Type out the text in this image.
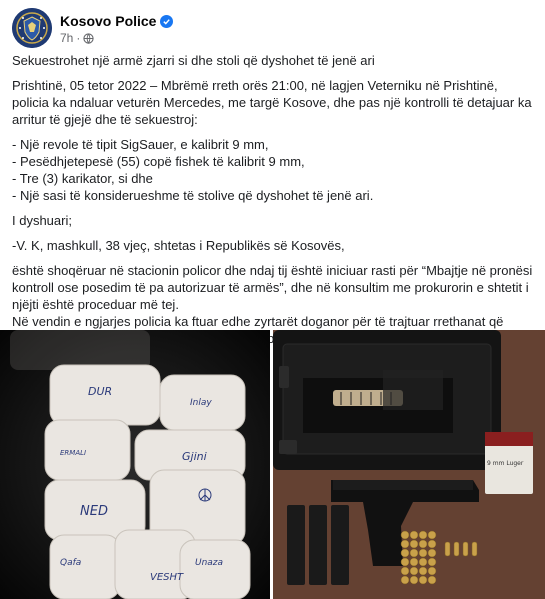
Kosovo Police
7h ·

Sekuestrohet një armë zjarri si dhe stoli që dyshohet të jenë ari

Prishtinë, 05 tetor 2022 – Mbrëmë rreth orës 21:00, në lagjen Veterniku në Prishtinë, policia ka ndaluar veturën Mercedes, me targë Kosove, dhe pas një kontrolli të detajuar ka arritur të gjejë dhe të sekuestroj:

- Një revole të tipit SigSauer, e kalibrit 9 mm,

- Pesëdhjetepesë (55) copë fishek të kalibrit 9 mm,

- Tre (3) karikator, si dhe

- Një sasi të konsiderueshme të stolive që dyshohet të jenë ari.

I dyshuari;

-V. K, mashkull, 38 vjeç, shtetas i Republikës së Kosovës,

është shoqëruar në stacionin policor dhe ndaj tij është iniciuar rasti për “Mbajtje në pronësi kontroll ose posedim të pa autorizuar të armës”, dhe në konsultim me prokurorin e shtetit i njëjti është proceduar më tej.

Në vendin e ngjarjes policia ka ftuar edhe zyrtarët doganor për të trajtuar rrethanat që

DUR
Inlay
ERMALI	Gjini
NED
VESHT
Unaza
Qafa
9 mm Luger
